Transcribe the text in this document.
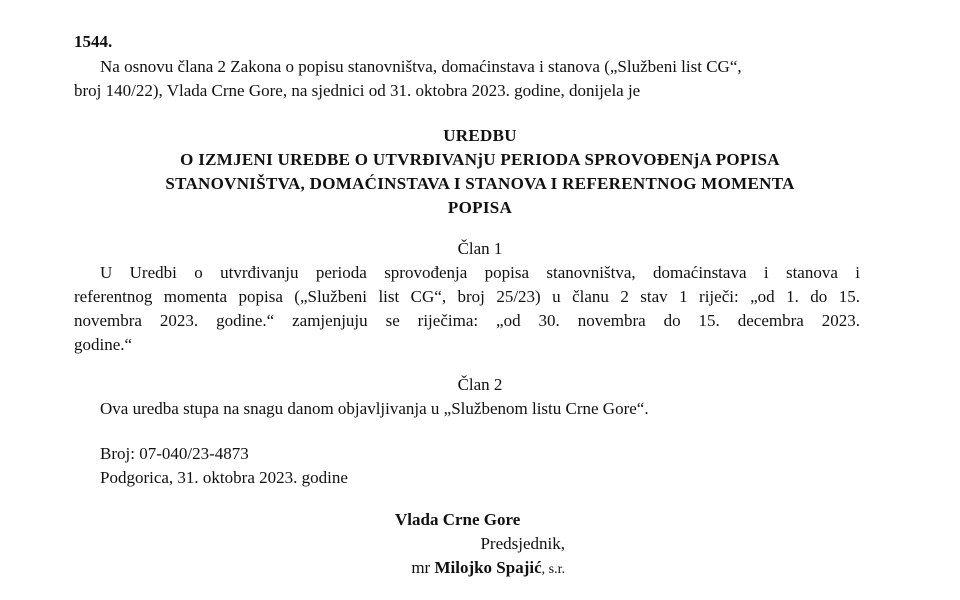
1544.
Na osnovu člana 2 Zakona o popisu stanovništva, domaćinstava i stanova („Službeni list CG“,
broj 140/22), Vlada Crne Gore, na sjednici od 31. oktobra 2023. godine, donijela je
UREDBU
O IZMJENI UREDBE O UTVRĐIVANjU PERIODA SPROVOĐENjA POPISA
STANOVNIŠTVA, DOMAĆINSTAVA I STANOVA I REFERENTNOG MOMENTA
POPISA
Član 1
U Uredbi o utvrđivanju perioda sprovođenja popisa stanovništva, domaćinstava i stanova i
referentnog momenta popisa („Službeni list CG“, broj 25/23) u članu 2 stav 1 riječi: „od 1. do 15.
novembra 2023. godine.“ zamjenjuju se riječima: „od 30. novembra do 15. decembra 2023.
godine.“
Član 2
Ova uredba stupa na snagu danom objavljivanja u „Službenom listu Crne Gore“.
Broj: 07-040/23-4873
Podgorica, 31. oktobra 2023. godine
Vlada Crne Gore
Predsjednik,
mr Milojko Spajić, s.r.
